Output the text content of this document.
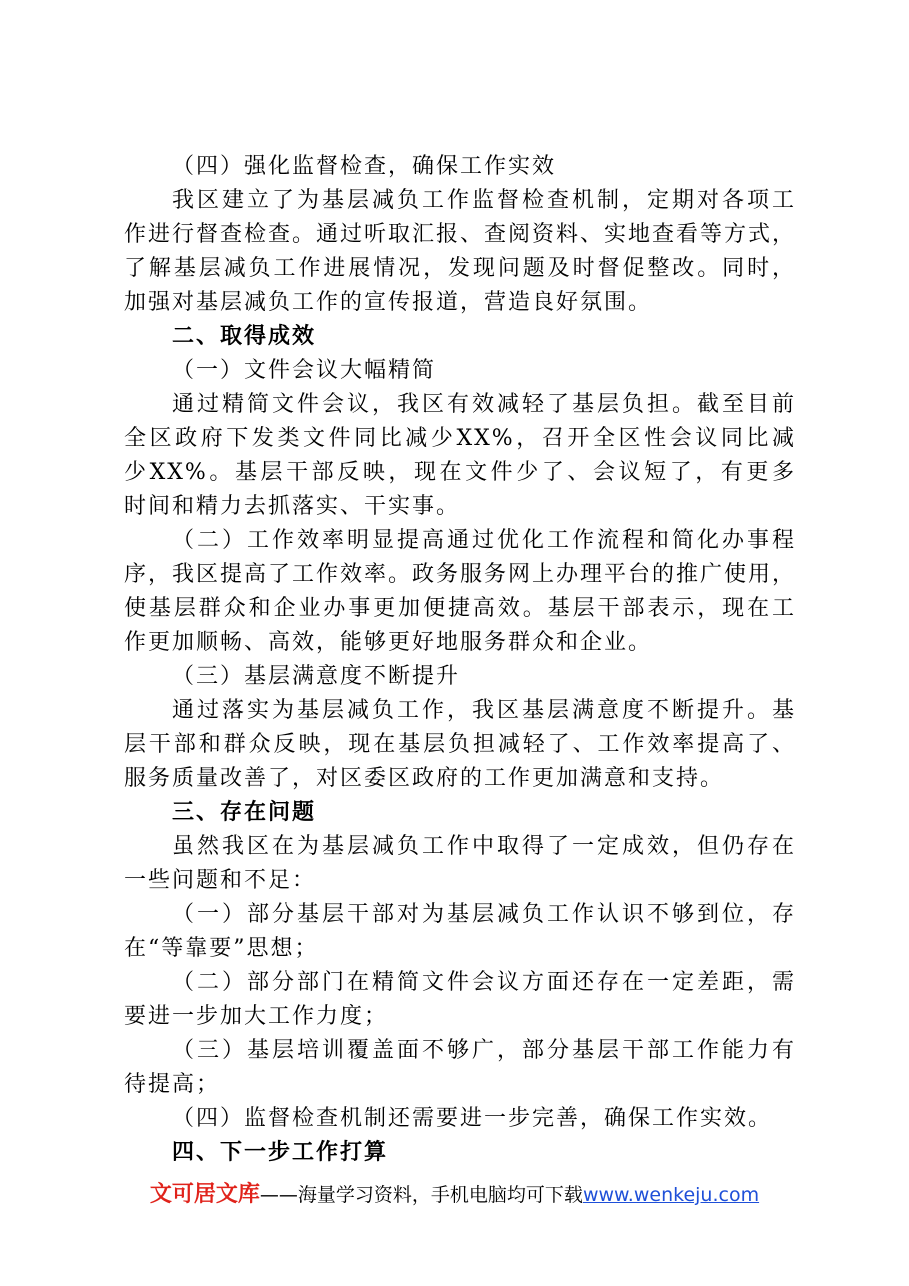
（四）强化监督检查，确保工作实效
我区建立了为基层减负工作监督检查机制，定期对各项工
作进行督查检查。通过听取汇报、查阅资料、实地查看等方式，
了解基层减负工作进展情况，发现问题及时督促整改。同时，
加强对基层减负工作的宣传报道，营造良好氛围。
二、取得成效
（一）文件会议大幅精简
通过精简文件会议，我区有效减轻了基层负担。截至目前
全区政府下发类文件同比减少XX%，召开全区性会议同比减
少XX%。基层干部反映，现在文件少了、会议短了，有更多
时间和精力去抓落实、干实事。
（二）工作效率明显提高通过优化工作流程和简化办事程
序，我区提高了工作效率。政务服务网上办理平台的推广使用，
使基层群众和企业办事更加便捷高效。基层干部表示，现在工
作更加顺畅、高效，能够更好地服务群众和企业。
（三）基层满意度不断提升
通过落实为基层减负工作，我区基层满意度不断提升。基
层干部和群众反映，现在基层负担减轻了、工作效率提高了、
服务质量改善了，对区委区政府的工作更加满意和支持。
三、存在问题
虽然我区在为基层减负工作中取得了一定成效，但仍存在
一些问题和不足：
（一）部分基层干部对为基层减负工作认识不够到位，存
在“等靠要”思想；
（二）部分部门在精简文件会议方面还存在一定差距，需
要进一步加大工作力度；
（三）基层培训覆盖面不够广，部分基层干部工作能力有
待提高；
（四）监督检查机制还需要进一步完善，确保工作实效。
四、下一步工作打算
文可居文库——海量学习资料，手机电脑均可下载www.wenkeju.com
